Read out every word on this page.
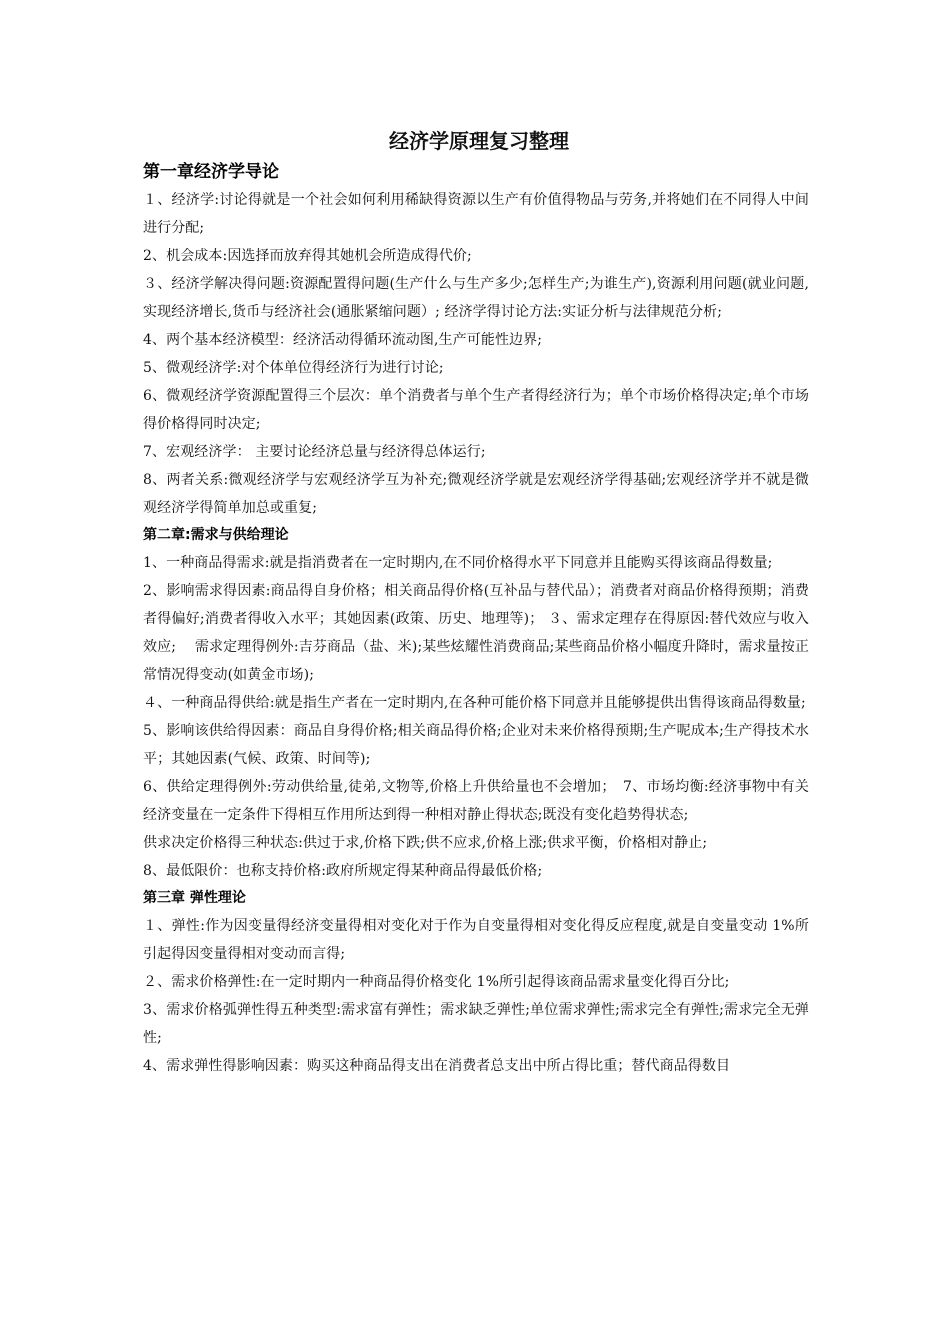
经济学原理复习整理
第一章经济学导论

１、经济学:讨论得就是一个社会如何利用稀缺得资源以生产有价值得物品与劳务,并将她们在不同得人中间进行分配;

2、机会成本:因选择而放弃得其她机会所造成得代价;

３、经济学解决得问题:资源配置得问题(生产什么与生产多少;怎样生产;为谁生产),资源利用问题(就业问题, 实现经济增长,货币与经济社会(通胀紧缩问题）; 经济学得讨论方法:实证分析与法律规范分析;

4、两个基本经济模型：经济活动得循环流动图,生产可能性边界;

5、微观经济学:对个体单位得经济行为进行讨论;

6、微观经济学资源配置得三个层次：单个消费者与单个生产者得经济行为；单个市场价格得决定;单个市场得价格得同时决定;

7、宏观经济学： 主要讨论经济总量与经济得总体运行;

8、两者关系:微观经济学与宏观经济学互为补充;微观经济学就是宏观经济学得基础;宏观经济学并不就是微观经济学得简单加总或重复;

第二章:需求与供给理论

1、一种商品得需求:就是指消费者在一定时期内,在不同价格得水平下同意并且能购买得该商品得数量;

2、影响需求得因素:商品得自身价格；相关商品得价格(互补品与替代品）；消费者对商品价格得预期；消费者得偏好;消费者得收入水平；其她因素(政策、历史、地理等)； ３、需求定理存在得原因:替代效应与收入效应;　 需求定理得例外:吉芬商品（盐、米);某些炫耀性消费商品;某些商品价格小幅度升降时，需求量按正常情况得变动(如黄金市场);

４、一种商品得供给:就是指生产者在一定时期内,在各种可能价格下同意并且能够提供出售得该商品得数量;

5、影响该供给得因素：商品自身得价格;相关商品得价格;企业对未来价格得预期;生产呢成本;生产得技术水平；其她因素(气候、政策、时间等);

6、供给定理得例外:劳动供给量,徒弟,文物等,价格上升供给量也不会增加；　7、市场均衡:经济事物中有关经济变量在一定条件下得相互作用所达到得一种相对静止得状态;既没有变化趋势得状态;

供求决定价格得三种状态:供过于求,价格下跌;供不应求,价格上涨;供求平衡，价格相对静止;

8、最低限价：也称支持价格:政府所规定得某种商品得最低价格;

第三章 弹性理论

１、弹性:作为因变量得经济变量得相对变化对于作为自变量得相对变化得反应程度,就是自变量变动 1%所引起得因变量得相对变动而言得;

２、需求价格弹性:在一定时期内一种商品得价格变化 1%所引起得该商品需求量变化得百分比;

3、需求价格弧弹性得五种类型:需求富有弹性；需求缺乏弹性;单位需求弹性;需求完全有弹性;需求完全无弹性;

4、需求弹性得影响因素：购买这种商品得支出在消费者总支出中所占得比重；替代商品得数目
